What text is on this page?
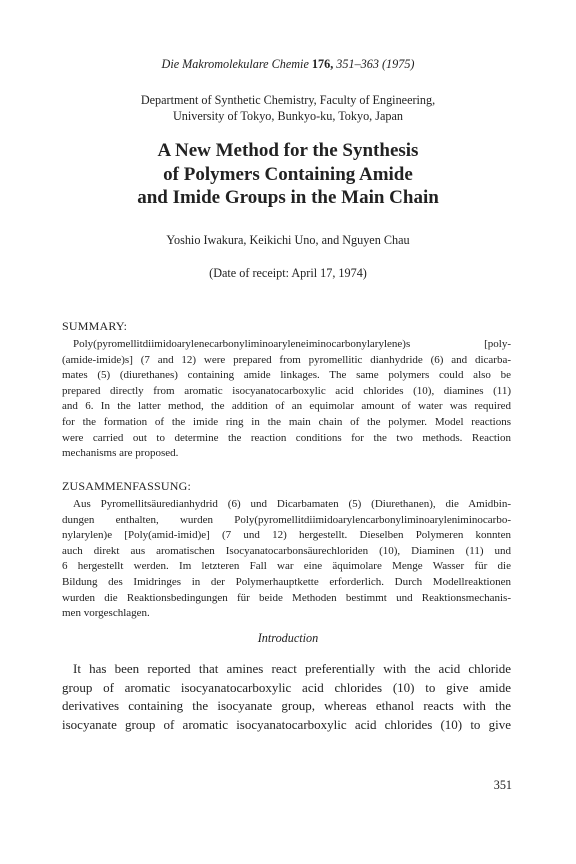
Die Makromolekulare Chemie 176, 351–363 (1975)
Department of Synthetic Chemistry, Faculty of Engineering,
University of Tokyo, Bunkyo-ku, Tokyo, Japan
A New Method for the Synthesis
of Polymers Containing Amide
and Imide Groups in the Main Chain
Yoshio Iwakura, Keikichi Uno, and Nguyen Chau
(Date of receipt: April 17, 1974)
SUMMARY:
Poly(pyromellitdiimidoarylenecarbonyliminoaryleneiminocarbonylarylene)s [poly-
(amide-imide)s] (7 and 12) were prepared from pyromellitic dianhydride (6) and dicarba-
mates (5) (diurethanes) containing amide linkages. The same polymers could also be
prepared directly from aromatic isocyanatocarboxylic acid chlorides (10), diamines (11)
and 6. In the latter method, the addition of an equimolar amount of water was required
for the formation of the imide ring in the main chain of the polymer. Model reactions
were carried out to determine the reaction conditions for the two methods. Reaction
mechanisms are proposed.
ZUSAMMENFASSUNG:
Aus Pyromellitsäuredianhydrid (6) und Dicarbamaten (5) (Diurethanen), die Amidbin-
dungen enthalten, wurden Poly(pyromellitdiimidoarylencarbonyliminoaryleniminocarbo-
nylarylen)e [Poly(amid-imid)e] (7 und 12) hergestellt. Dieselben Polymeren konnten
auch direkt aus aromatischen Isocyanatocarbonsäurechloriden (10), Diaminen (11) und
6 hergestellt werden. Im letzteren Fall war eine äquimolare Menge Wasser für die
Bildung des Imidringes in der Polymerhauptkette erforderlich. Durch Modellreaktionen
wurden die Reaktionsbedingungen für beide Methoden bestimmt und Reaktionsmechanis-
men vorgeschlagen.
Introduction
It has been reported that amines react preferentially with the acid chloride
group of aromatic isocyanatocarboxylic acid chlorides (10) to give amide
derivatives containing the isocyanate group, whereas ethanol reacts with the
isocyanate group of aromatic isocyanatocarboxylic acid chlorides (10) to give
351
